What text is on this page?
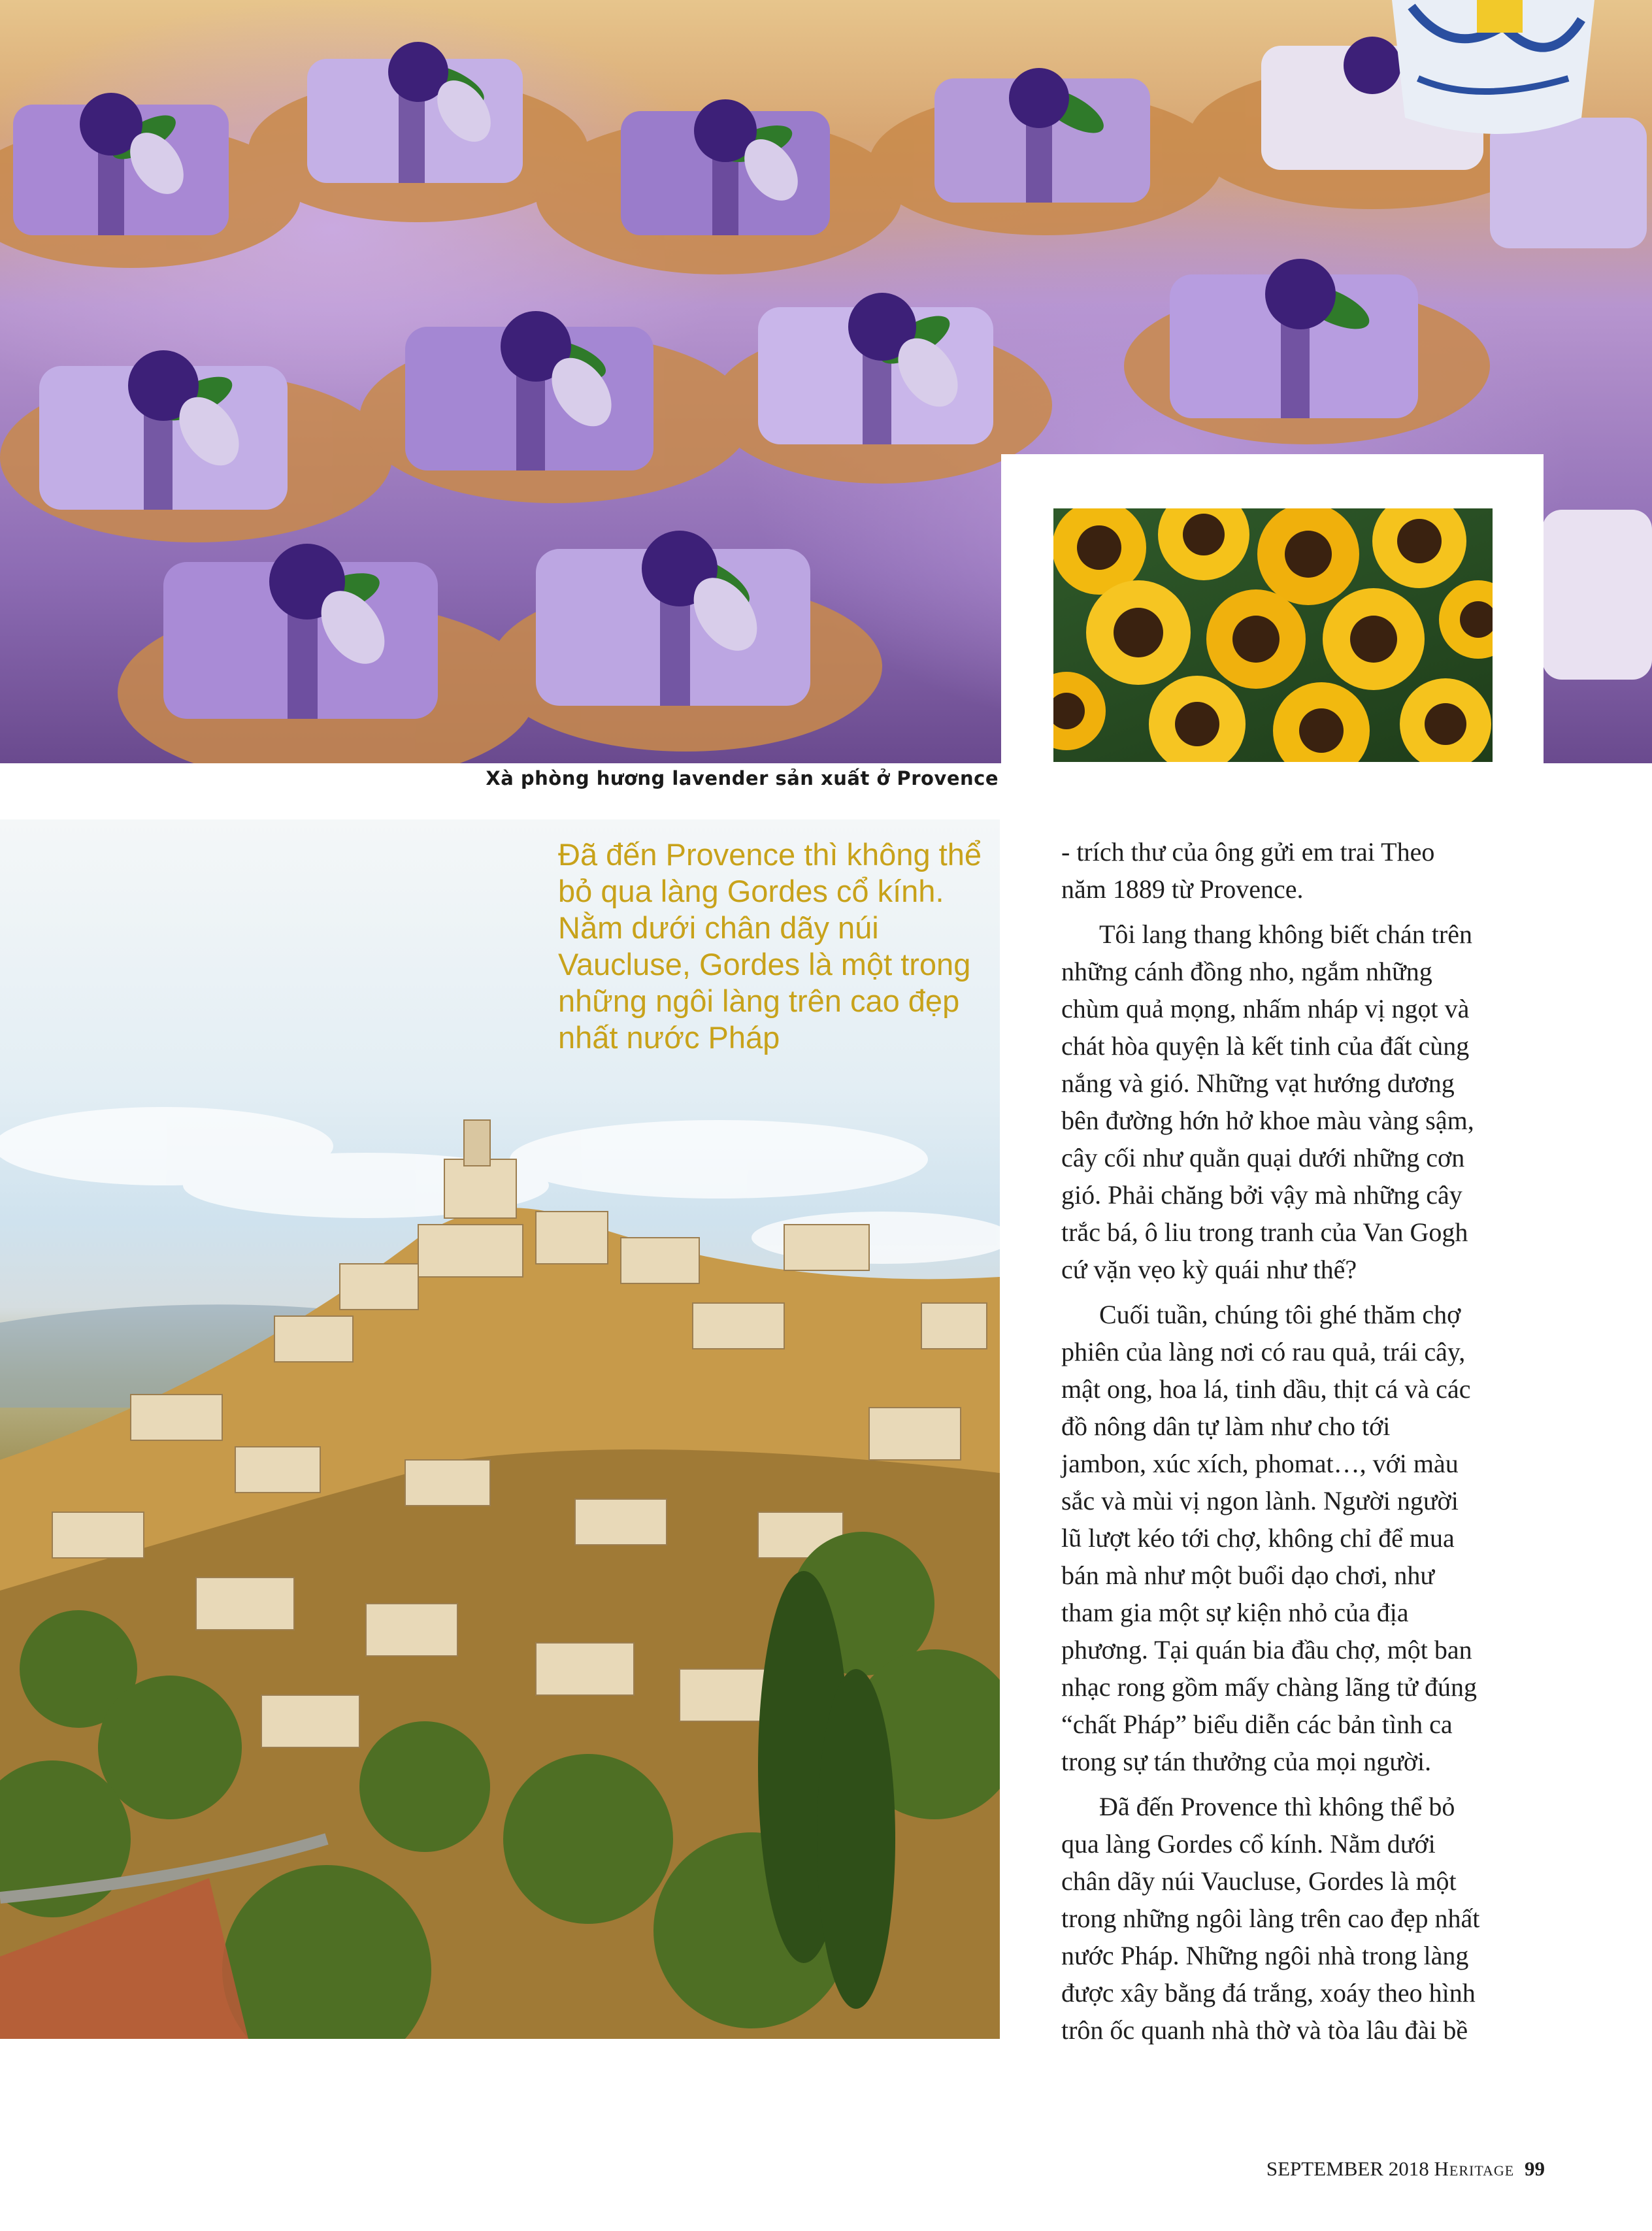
Xà phòng hương lavender sản xuất ở Provence
Đã đến Provence thì không thể bỏ qua làng Gordes cổ kính. Nằm dưới chân dãy núi Vaucluse, Gordes là một trong những ngôi làng trên cao đẹp nhất nước Pháp

- trích thư của ông gửi em trai Theo
năm 1889 từ Provence.

Tôi lang thang không biết chán trên
những cánh đồng nho, ngắm những
chùm quả mọng, nhấm nháp vị ngọt và
chát hòa quyện là kết tinh của đất cùng
nắng và gió. Những vạt hướng dương
bên đường hớn hở khoe màu vàng sậm,
cây cối như quằn quại dưới những cơn
gió. Phải chăng bởi vậy mà những cây
trắc bá, ô liu trong tranh của Van Gogh
cứ vặn vẹo kỳ quái như thế?

Cuối tuần, chúng tôi ghé thăm chợ
phiên của làng nơi có rau quả, trái cây,
mật ong, hoa lá, tinh dầu, thịt cá và các
đồ nông dân tự làm như cho tới
jambon, xúc xích, phomat…, với màu
sắc và mùi vị ngon lành. Người người
lũ lượt kéo tới chợ, không chỉ để mua
bán mà như một buổi dạo chơi, như
tham gia một sự kiện nhỏ của địa
phương. Tại quán bia đầu chợ, một ban
nhạc rong gồm mấy chàng lãng tử đúng
“chất Pháp” biểu diễn các bản tình ca
trong sự tán thưởng của mọi người.

Đã đến Provence thì không thể bỏ
qua làng Gordes cổ kính. Nằm dưới
chân dãy núi Vaucluse, Gordes là một
trong những ngôi làng trên cao đẹp nhất
nước Pháp. Những ngôi nhà trong làng
được xây bằng đá trắng, xoáy theo hình
trôn ốc quanh nhà thờ và tòa lâu đài bề

SEPTEMBER 2018 Heritage 99
